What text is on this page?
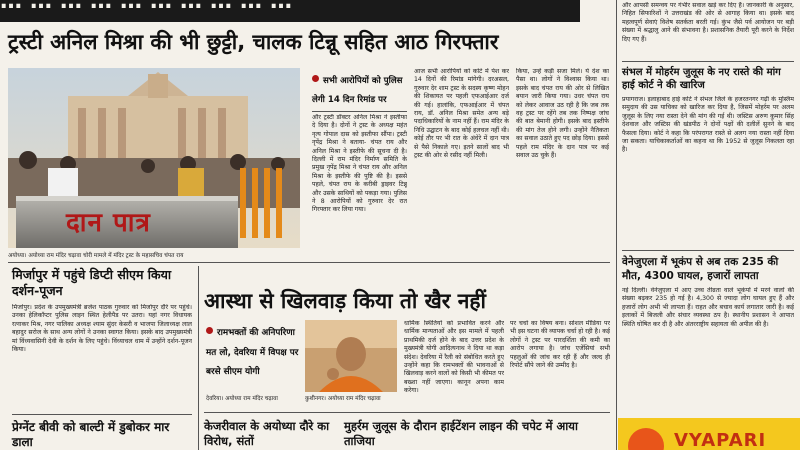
…………………………
ट्रस्टी अनिल मिश्रा की भी छुट्टी, चालक टिन्नू सहित आठ गिरफ्तार
दान पात्र
अयोध्या। अयोध्या राम मंदिर चढ़ावा चोरी मामले में मंदिर ट्रस्ट के महासचिव चंपत राय
सभी आरोपियों को पुलिस लेगी 14 दिन रिमांड पर
और ट्रस्टी डॉक्टर अनिल मिश्रा ने इस्तीफा दे दिया है। दोनों ने ट्रस्ट के अध्यक्ष महंत नृत्य गोपाल दास को इस्तीफा सौंपा। ट्रस्टी नृपेंद्र मिश्रा ने बताया- चंपत राय और अनिल मिश्रा ने इस्तीफे की सूचना दी है। दिल्ली में राम मंदिर निर्माण समिति के प्रमुख नृपेंद्र मिश्रा ने चंपत राय और अनिल मिश्रा के इस्तीफे की पुष्टि की है। इससे पहले, चंपत राय के करीबी ड्राइवर टिन्नू और उसके साथियों को पकड़ा गया। पुलिस ने 8 आरोपियों को गुरुवार देर रात गिरफ्तार कर लिया गया।
आज सभी आरोपियों को कोर्ट में पेश कर 14 दिनों की रिमांड मांगेगी। दरअसल, गुरुवार देर शाम ट्रस्ट के सदस्य कृष्ण मोहन की शिकायत पर पहली एफआईआर दर्ज की गई। हालांकि, एफआईआर में चंपत राय, डॉ. अनिल मिश्रा समेत अन्य बड़े पदाधिकारियों के नाम नहीं हैं। राम मंदिर के निधि उद्घाटन के बाद कोई हलचल नहीं थी। कोई तौर पर भी रात के अंधेरे में दान पात्र से पैसे निकाले गए। इतने सालों बाद भी ट्रस्ट की ओर से रसीद नहीं मिली।
किया, उन्हें कड़ी सजा मिले। ये देश का पैसा था। लोगों ने विश्वास किया था। इसके बाद चंपत राय की ओर से लिखित बयान जारी किया गया। उधर चंपत राय को लेकर आवाज उठ रही है कि जब तक वह ट्रस्ट पर रहेंगे तब तक निष्पक्ष जांच की बात बेमानी होगी। इसके बाद इस्तीफे की मांग तेज होने लगी। उन्होंने नैतिकता का सवाल उठाते हुए पद छोड़ दिया। इससे पहले राम मंदिर के दान पात्र पर कई सवाल उठ चुके हैं।
और आपसी समन्वय पर गंभीर सवाल खड़े कर दिए हैं। जानकारी के अनुसार, निहित सिफारिशों ने उत्तराखंड की ओर से आगाह किया था। इसके बाद महत्वपूर्ण सेवाएं विशेष सतर्कता बरती गई। कुंभ जैसे पर्व आयोजन पर बड़ी संख्या में श्रद्धालु आने की संभावना है। प्रशासनिक तैयारी पूरी करने के निर्देश दिए गए हैं।
संभल में मोहर्रम जुलूस के नए रास्ते की मांग हाई कोर्ट ने की खारिज
प्रयागराज। इलाहाबाद हाई कोर्ट ने संभल जिले के हजरतनगर गढ़ी के मुस्लिम समुदाय की उस याचिका को खारिज कर दिया है, जिसमें मोहर्रम पर अलम जुलूस के लिए नया रास्ता देने की मांग की गई थी। जस्टिस अरुण कुमार सिंह देशवाल और जस्टिस की खंडपीठ ने दोनों पक्षों की दलीलें सुनने के बाद फैसला दिया। कोर्ट ने कहा कि परंपरागत रास्ते से अलग नया रास्ता नहीं दिया जा सकता। याचिकाकर्ताओं का कहना था कि 1952 से जुलूस निकलता रहा है।
वेनेजुएला में भूकंप से अब तक 235 की मौत, 4300 घायल, हजारों लापता
नई दिल्ली। वेनेजुएला में आए उच्च तीव्रता वाले भूकंपों में मरने वालों की संख्या बढ़कर 235 हो गई है। 4,300 से ज्यादा लोग घायल हुए हैं और हजारों लोग अभी भी लापता हैं। राहत और बचाव कार्य लगातार जारी है। कई इलाकों में बिजली और संचार व्यवस्था ठप है। स्थानीय प्रशासन ने आपात स्थिति घोषित कर दी है और अंतरराष्ट्रीय सहायता की अपील की है।
मिर्जापुर में पहुंचे डिप्टी सीएम किया दर्शन-पूजन
मिर्जापुर। प्रदेश के उपमुख्यमंत्री ब्रजेश पाठक गुरुवार को मिर्जापुर दौरे पर पहुंचे। उनका हेलिकॉप्टर पुलिस लाइन स्थित हेलीपैड पर उतरा। यहां नगर विधायक रत्नाकर मिश्र, नगर पालिका अध्यक्ष श्याम सुंदर केसरी व भाजपा जिलाध्यक्ष लाल बहादुर सरोज के साथ अन्य लोगों ने उनका स्वागत किया। इसके बाद उपमुख्यमंत्री मां विंध्यवासिनी देवी के दर्शन के लिए पहुंचे। विंध्याचल धाम में उन्होंने दर्शन-पूजन किया।
आस्था से खिलवाड़ किया तो खैर नहीं
रामभक्तों की अनिपरिणा मत लो, देवरिया में विपक्ष पर बरसे सीएम योगी
देवरिया। अयोध्या राम मंदिर चढ़ावा	कुशीनगर। अयोध्या राम मंदिर चढ़ावा
धार्मिक स्थितियों को प्रभावित करने और धार्मिक मान्यताओं और इस मामले में पहली प्राथमिकी दर्ज होने के बाद उत्तर प्रदेश के मुख्यमंत्री योगी आदित्यनाथ ने दिया था कड़ा संदेश। देवरिया में रैली को संबोधित करते हुए उन्होंने कहा कि रामभक्तों की भावनाओं से खिलवाड़ करने वालों को किसी भी कीमत पर बख्शा नहीं जाएगा। कानून अपना काम करेगा।
पर चर्चा का विषय बना। सोशल मीडिया पर भी इस घटना की व्यापक चर्चा हो रही है। कई लोगों ने ट्रस्ट पर पारदर्शिता की कमी का आरोप लगाया है। जांच एजेंसियां सभी पहलुओं की जांच कर रही हैं और जल्द ही रिपोर्ट सौंपे जाने की उम्मीद है।
प्रेग्नेंट बीवी को बाल्टी में डुबोकर मार डाला
केजरीवाल के अयोध्या दौरे का विरोध, संतों
मुहर्रम जुलूस के दौरान हाईटेंशन लाइन की चपेट में आया ताजिया	VYAPARI
